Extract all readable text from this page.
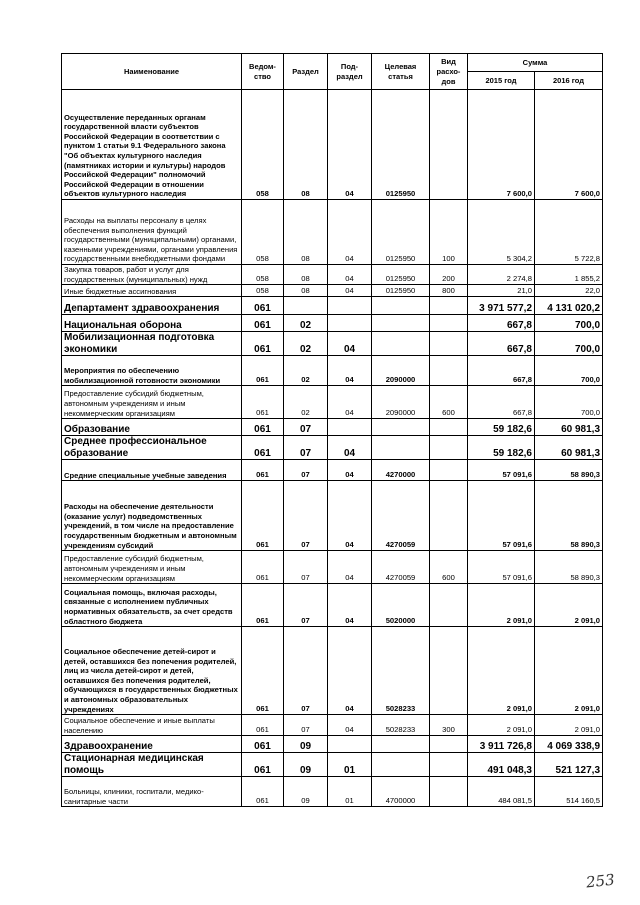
Наименование	Ведом-ство	Раздел	Под-раздел	Целевая статья	Вид расхо-дов	Сумма	
						2015 год	2016 год
Осуществление переданных органам государственной власти субъектов Российской Федерации в соответствии с пунктом 1 статьи 9.1 Федерального закона "Об объектах культурного наследия (памятниках истории и культуры) народов Российской Федерации" полномочий Российской Федерации в отношении объектов культурного наследия	058	08	04	0125950		7 600,0	7 600,0
Расходы на выплаты персоналу в целях обеспечения выполнения функций государственными (муниципальными) органами, казенными учреждениями, органами управления государственными внебюджетными фондами	058	08	04	0125950	100	5 304,2	5 722,8
Закупка товаров, работ и услуг для государственных (муниципальных) нужд	058	08	04	0125950	200	2 274,8	1 855,2
Иные бюджетные ассигнования	058	08	04	0125950	800	21,0	22,0
Департамент здравоохранения	061					3 971 577,2	4 131 020,2
Национальная оборона	061	02				667,8	700,0
Мобилизационная подготовка экономики	061	02	04			667,8	700,0
Мероприятия по обеспечению мобилизационной готовности экономики	061	02	04	2090000		667,8	700,0
Предоставление субсидий бюджетным, автономным учреждениям и иным некоммерческим организациям	061	02	04	2090000	600	667,8	700,0
Образование	061	07				59 182,6	60 981,3
Среднее профессиональное образование	061	07	04			59 182,6	60 981,3
Средние специальные учебные заведения	061	07	04	4270000		57 091,6	58 890,3
Расходы на обеспечение деятельности (оказание услуг) подведомственных учреждений, в том числе на предоставление государственным бюджетным и автономным учреждениям субсидий	061	07	04	4270059		57 091,6	58 890,3
Предоставление субсидий бюджетным, автономным учреждениям и иным некоммерческим организациям	061	07	04	4270059	600	57 091,6	58 890,3
Социальная помощь, включая расходы, связанные с исполнением публичных нормативных обязательств, за счет средств областного бюджета	061	07	04	5020000		2 091,0	2 091,0
Социальное обеспечение детей-сирот и детей, оставшихся без попечения родителей, лиц из числа детей-сирот и детей, оставшихся без попечения родителей, обучающихся в государственных бюджетных и автономных образовательных учреждениях	061	07	04	5028233		2 091,0	2 091,0
Социальное обеспечение и иные выплаты населению	061	07	04	5028233	300	2 091,0	2 091,0
Здравоохранение	061	09				3 911 726,8	4 069 338,9
Стационарная медицинская помощь	061	09	01			491 048,3	521 127,3
Больницы, клиники, госпитали, медико-санитарные части	061	09	01	4700000		484 081,5	514 160,5
253
